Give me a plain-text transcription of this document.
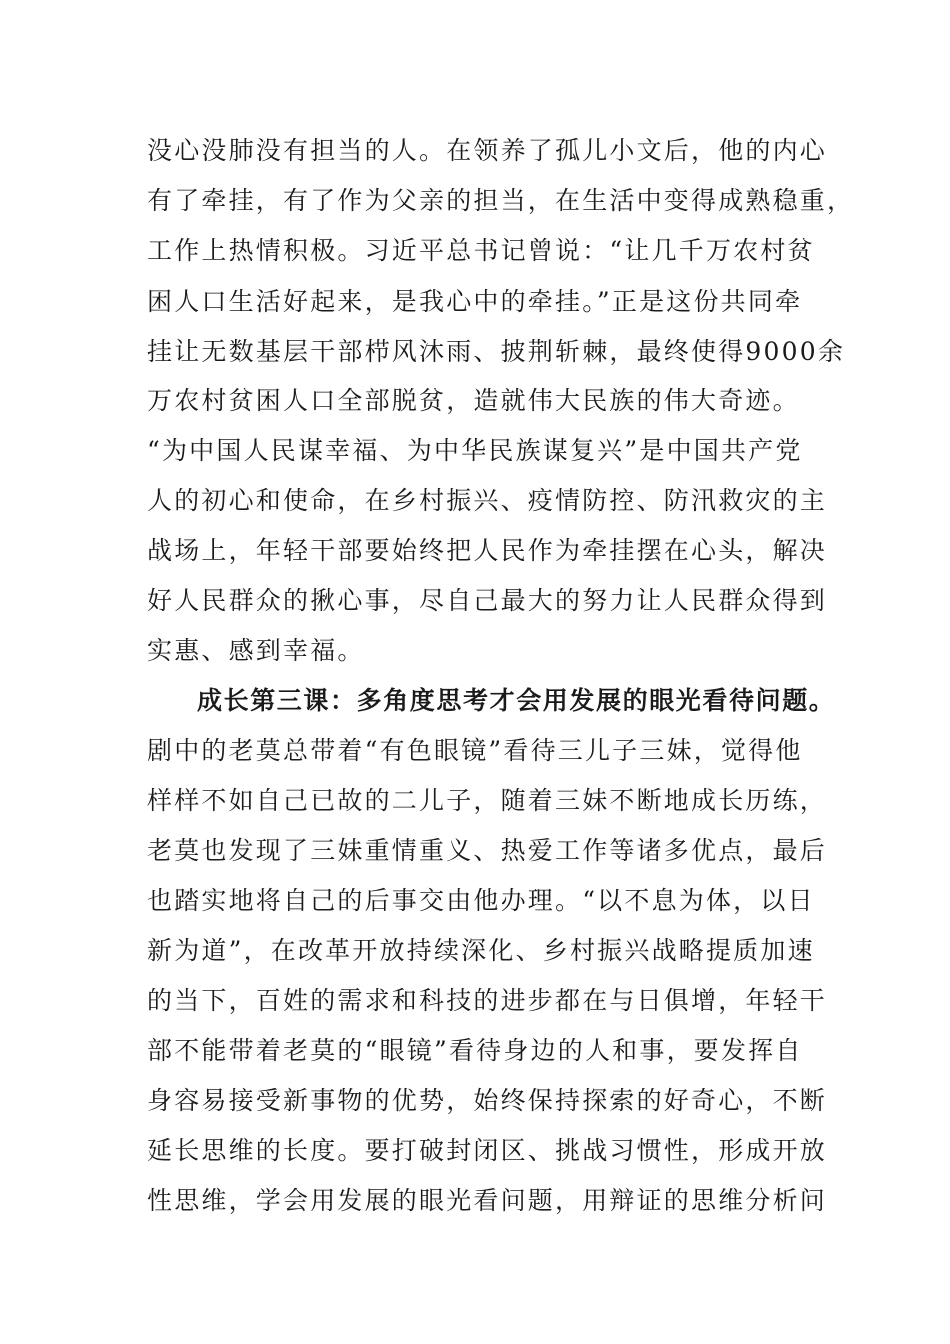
没心没肺没有担当的人。在领养了孤儿小文后，他的内心
有了牵挂，有了作为父亲的担当，在生活中变得成熟稳重，
工作上热情积极。习近平总书记曾说：“让几千万农村贫
困人口生活好起来，是我心中的牵挂。”正是这份共同牵
挂让无数基层干部栉风沐雨、披荆斩棘，最终使得9000余
万农村贫困人口全部脱贫，造就伟大民族的伟大奇迹。
“为中国人民谋幸福、为中华民族谋复兴”是中国共产党
人的初心和使命，在乡村振兴、疫情防控、防汛救灾的主
战场上，年轻干部要始终把人民作为牵挂摆在心头，解决
好人民群众的揪心事，尽自己最大的努力让人民群众得到
实惠、感到幸福。
成长第三课：多角度思考才会用发展的眼光看待问题。
剧中的老莫总带着“有色眼镜”看待三儿子三妹，觉得他
样样不如自己已故的二儿子，随着三妹不断地成长历练，
老莫也发现了三妹重情重义、热爱工作等诸多优点，最后
也踏实地将自己的后事交由他办理。“以不息为体，以日
新为道”，在改革开放持续深化、乡村振兴战略提质加速
的当下，百姓的需求和科技的进步都在与日俱增，年轻干
部不能带着老莫的“眼镜”看待身边的人和事，要发挥自
身容易接受新事物的优势，始终保持探索的好奇心，不断
延长思维的长度。要打破封闭区、挑战习惯性，形成开放
性思维，学会用发展的眼光看问题，用辩证的思维分析问
